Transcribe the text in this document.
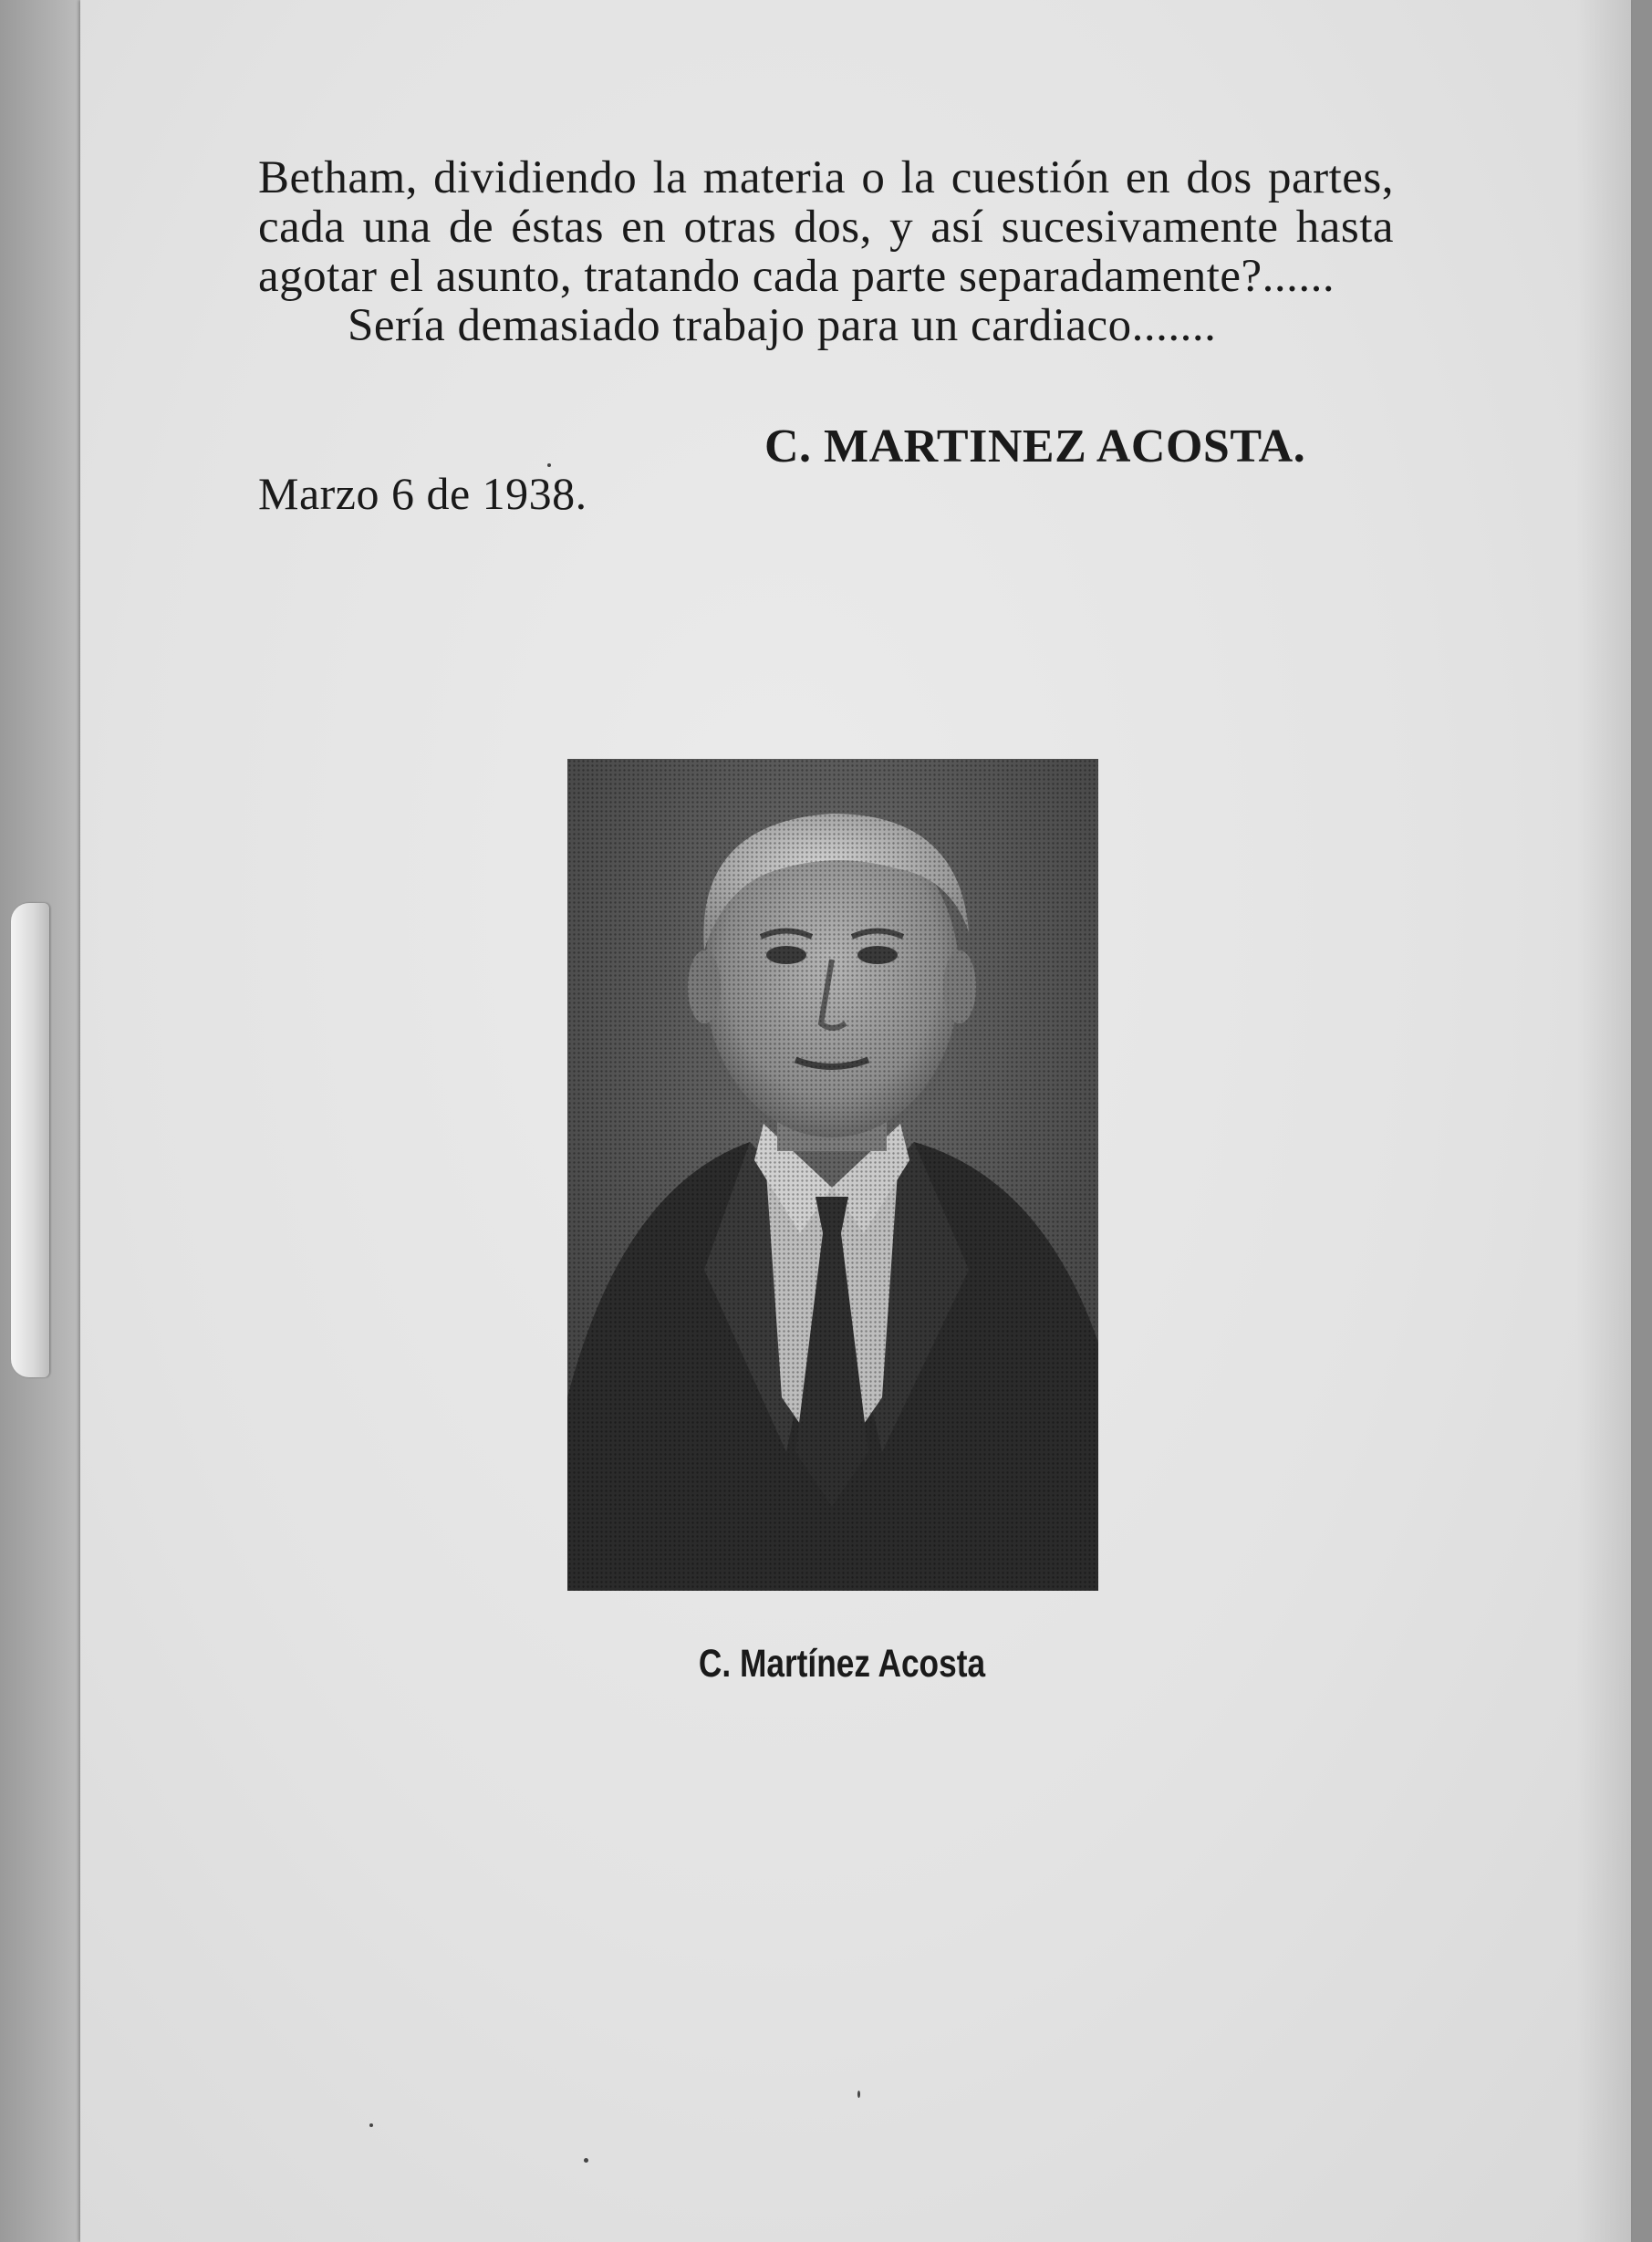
Betham, dividiendo la materia o la cuestión en dos partes, cada una de éstas en otras dos, y así sucesivamente hasta agotar el asunto, tratando cada parte separadamente?......

Sería demasiado trabajo para un cardiaco.......

C. MARTINEZ ACOSTA.
Marzo 6 de 1938.
C. Martínez Acosta
